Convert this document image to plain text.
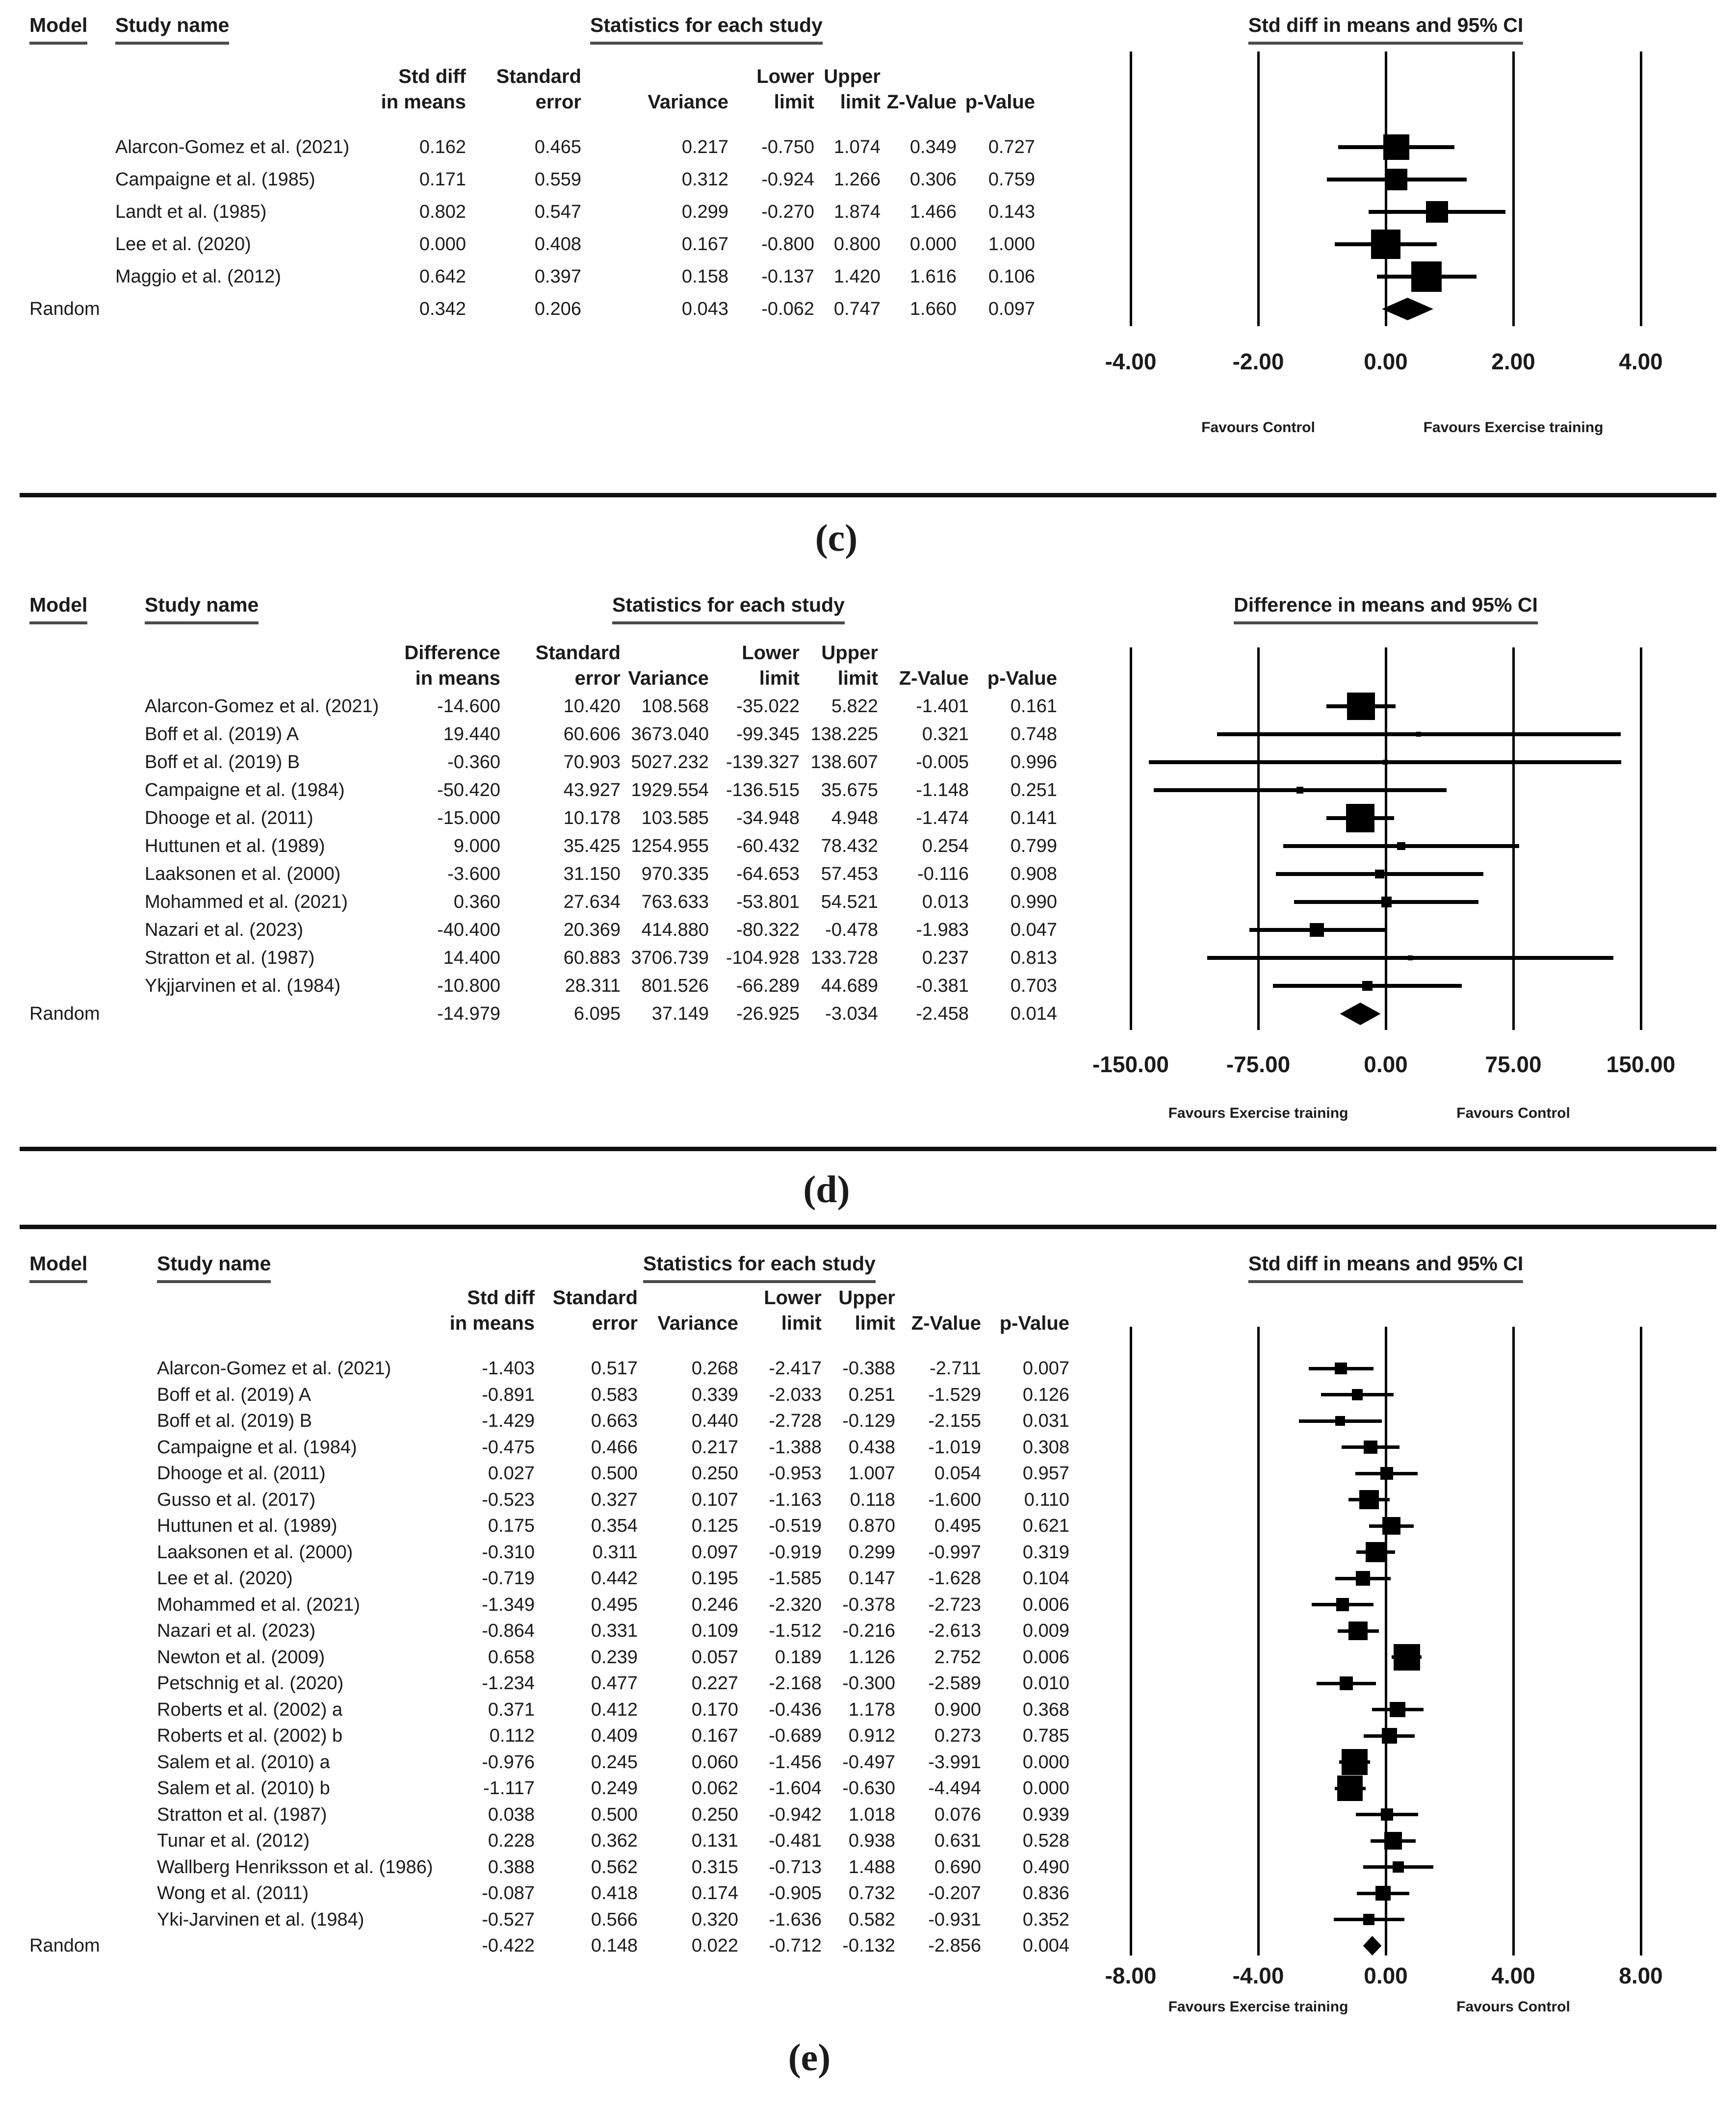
Model Study name	Statistics for each study	Std diff in means and 95% CI
Std diff
in means
Standard
error
	Variance
Lower
limit
Upper
limit
Z-Value
p-Value
Alarcon-Gomez et al. (2021)	0.162	0.465	0.217	-0.750	1.074	0.349	0.727
Campaigne et al. (1985)	0.171	0.559	0.312	-0.924	1.266	0.306	0.759
Landt et al. (1985)	0.802	0.547	0.299	-0.270	1.874	1.466	0.143
Lee et al. (2020)	0.000	0.408	0.167	-0.800	0.800	0.000	1.000
Maggio et al. (2012)	0.642	0.397	0.158	-0.137	1.420	1.616	0.106
Random	0.342	0.206	0.043	-0.062	0.747	1.660	0.097
-4.00	-2.00	0.00	2.00	4.00
Favours Control	Favours Exercise training
(c)
Model	Study name	Statistics for each study	Difference in means and 95% CI
Difference
in means
Standard
error
Variance
Lower
limit
Upper
limit
	Z-Value
p-Value
Alarcon-Gomez et al. (2021)	-14.600	10.420	108.568	-35.022	5.822	-1.401	0.161
Boff et al. (2019) A	19.440	60.606 3673.040	-99.345 138.225	0.321	0.748
Boff et al. (2019) B	-0.360	70.903 5027.232 -139.327 138.607	-0.005	0.996
Campaigne et al. (1984)	-50.420	43.927 1929.554 -136.515	35.675	-1.148	0.251
Dhooge et al. (2011)	-15.000	10.178	103.585	-34.948	4.948	-1.474	0.141
Huttunen et al. (1989)	9.000	35.425 1254.955	-60.432	78.432	0.254	0.799
Laaksonen et al. (2000)	-3.600	31.150	970.335	-64.653	57.453	-0.116	0.908
Mohammed et al. (2021)	0.360	27.634	763.633	-53.801	54.521	0.013	0.990
Nazari et al. (2023)	-40.400	20.369	414.880	-80.322	-0.478	-1.983	0.047
Stratton et al. (1987)	14.400	60.883 3706.739 -104.928 133.728	0.237	0.813
Ykjjarvinen et al. (1984)	-10.800	28.311	801.526	-66.289	44.689	-0.381	0.703
Random	-14.979	6.095	37.149	-26.925	-3.034	-2.458	0.014
-150.00	-75.00	0.00	75.00	150.00
Favours Exercise training	Favours Control
(d)
Model	Study name	Statistics for each study	Std diff in means and 95% CI
Std diff
in means
Standard
error
	Variance
Lower
limit
Upper
limit
Z-Value
p-Value
Alarcon-Gomez et al. (2021)	-1.403	0.517	0.268	-2.417	-0.388	-2.711	0.007
Boff et al. (2019) A	-0.891	0.583	0.339	-2.033	0.251	-1.529	0.126
Boff et al. (2019) B	-1.429	0.663	0.440	-2.728	-0.129	-2.155	0.031
Campaigne et al. (1984)	-0.475	0.466	0.217	-1.388	0.438	-1.019	0.308
Dhooge et al. (2011)	0.027	0.500	0.250	-0.953	1.007	0.054	0.957
Gusso et al. (2017)	-0.523	0.327	0.107	-1.163	0.118	-1.600	0.110
Huttunen et al. (1989)	0.175	0.354	0.125	-0.519	0.870	0.495	0.621
Laaksonen et al. (2000)	-0.310	0.311	0.097	-0.919	0.299	-0.997	0.319
Lee et al. (2020)	-0.719	0.442	0.195	-1.585	0.147	-1.628	0.104
Mohammed et al. (2021)	-1.349	0.495	0.246	-2.320	-0.378	-2.723	0.006
Nazari et al. (2023)	-0.864	0.331	0.109	-1.512	-0.216	-2.613	0.009
Newton et al. (2009)	0.658	0.239	0.057	0.189	1.126	2.752	0.006
Petschnig et al. (2020)	-1.234	0.477	0.227	-2.168	-0.300	-2.589	0.010
Roberts et al. (2002) a	0.371	0.412	0.170	-0.436	1.178	0.900	0.368
Roberts et al. (2002) b	0.112	0.409	0.167	-0.689	0.912	0.273	0.785
Salem et al. (2010) a	-0.976	0.245	0.060	-1.456	-0.497	-3.991	0.000
Salem et al. (2010) b	-1.117	0.249	0.062	-1.604	-0.630	-4.494	0.000
Stratton et al. (1987)	0.038	0.500	0.250	-0.942	1.018	0.076	0.939
Tunar et al. (2012)	0.228	0.362	0.131	-0.481	0.938	0.631	0.528
Wallberg Henriksson et al. (1986)	0.388	0.562	0.315	-0.713	1.488	0.690	0.490
Wong et al. (2011)	-0.087	0.418	0.174	-0.905	0.732	-0.207	0.836
Yki-Jarvinen et al. (1984)	-0.527	0.566	0.320	-1.636	0.582	-0.931	0.352
Random	-0.422	0.148	0.022	-0.712	-0.132	-2.856	0.004
-8.00	-4.00	0.00	4.00	8.00
Favours Exercise training	Favours Control
(e)
